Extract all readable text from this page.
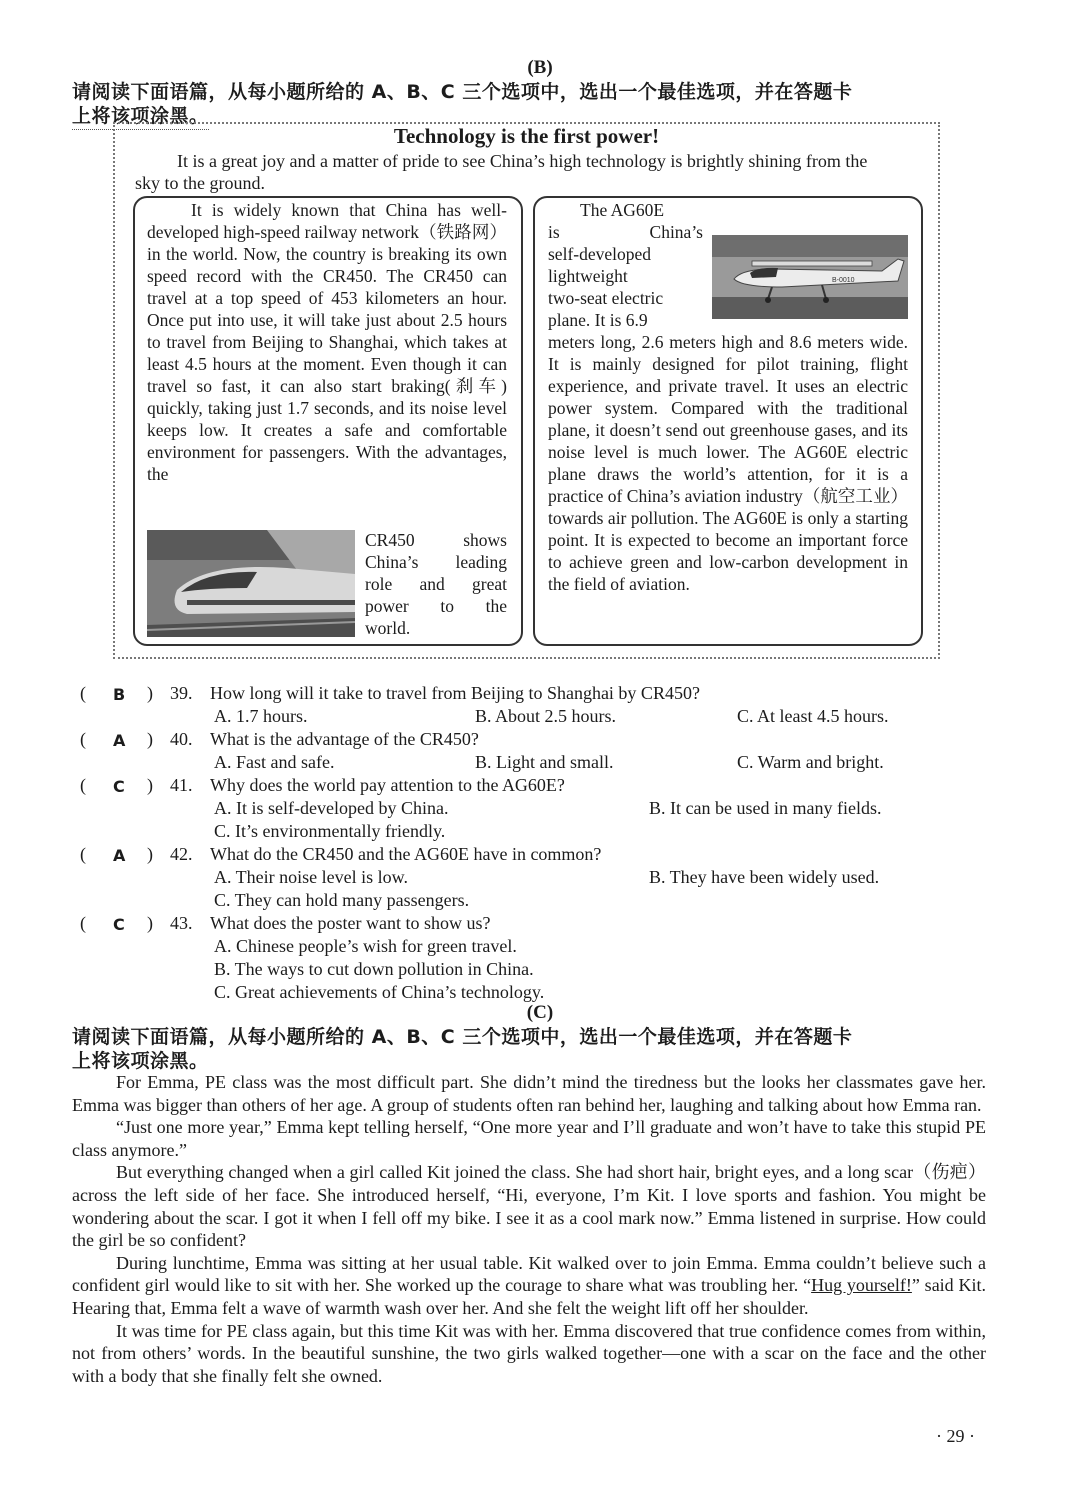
(B)
请阅读下面语篇，从每小题所给的 A、B、C 三个选项中，选出一个最佳选项，并在答题卡
上将该项涂黑。
Technology is the first power!
It is a great joy and a matter of pride to see China’s high technology is brightly shining from the sky to the ground.

It is widely known that China has well-developed high-speed railway network（铁路网）in the world. Now, the country is breaking its own speed record with the CR450. The CR450 can travel at a top speed of 453 kilometers an hour. Once put into use, it will take just about 2.5 hours to travel from Beijing to Shanghai, which takes at least 4.5 hours at the moment. Even though it can travel so fast, it can also start braking(刹车) quickly, taking just 1.7 seconds, and its noise level keeps low. It creates a safe and comfortable environment for passengers. With the advantages, the

CR450 shows

China’s leading

role and great

power to the

world.

The AG60E

is China’s

self-developed

lightweight

two-seat electric

plane. It is 6.9

B-0010

meters long, 2.6 meters high and 8.6 meters wide. It is mainly designed for pilot training, flight experience, and private travel. It uses an electric power system. Compared with the traditional plane, it doesn’t send out greenhouse gases, and its noise level is much lower. The AG60E electric plane draws the world’s attention, for it is a practice of China’s aviation industry（航空工业）towards air pollution. The AG60E is only a starting point. It is expected to become an important force to achieve green and low-carbon development in the field of aviation.

( B ) 39. How long will it take to travel from Beijing to Shanghai by CR450?
A. 1.7 hours.	B. About 2.5 hours.	C. At least 4.5 hours.
( A ) 40. What is the advantage of the CR450?
A. Fast and safe.	B. Light and small.	C. Warm and bright.
( C ) 41. Why does the world pay attention to the AG60E?
A. It is self-developed by China.	B. It can be used in many fields.
C. It’s environmentally friendly.
( A ) 42. What do the CR450 and the AG60E have in common?
A. Their noise level is low.	B. They have been widely used.
C. They can hold many passengers.
( C ) 43. What does the poster want to show us?
A. Chinese people’s wish for green travel.
B. The ways to cut down pollution in China.
C. Great achievements of China’s technology.
(C)
请阅读下面语篇，从每小题所给的 A、B、C 三个选项中，选出一个最佳选项，并在答题卡
上将该项涂黑。

For Emma, PE class was the most difficult part. She didn’t mind the tiredness but the looks her classmates gave her. Emma was bigger than others of her age. A group of students often ran behind her, laughing and talking about how Emma ran.

“Just one more year,” Emma kept telling herself, “One more year and I’ll graduate and won’t have to take this stupid PE class anymore.”

But everything changed when a girl called Kit joined the class. She had short hair, bright eyes, and a long scar（伤疤）across the left side of her face. She introduced herself, “Hi, everyone, I’m Kit. I love sports and fashion. You might be wondering about the scar. I got it when I fell off my bike. I see it as a cool mark now.” Emma listened in surprise. How could the girl be so confident?

During lunchtime, Emma was sitting at her usual table. Kit walked over to join Emma. Emma couldn’t believe such a confident girl would like to sit with her. She worked up the courage to share what was troubling her. “Hug yourself!” said Kit. Hearing that, Emma felt a wave of warmth wash over her. And she felt the weight lift off her shoulder.

It was time for PE class again, but this time Kit was with her. Emma discovered that true confidence comes from within, not from others’ words. In the beautiful sunshine, the two girls walked together—one with a scar on the face and the other with a body that she finally felt she owned.

· 29 ·
